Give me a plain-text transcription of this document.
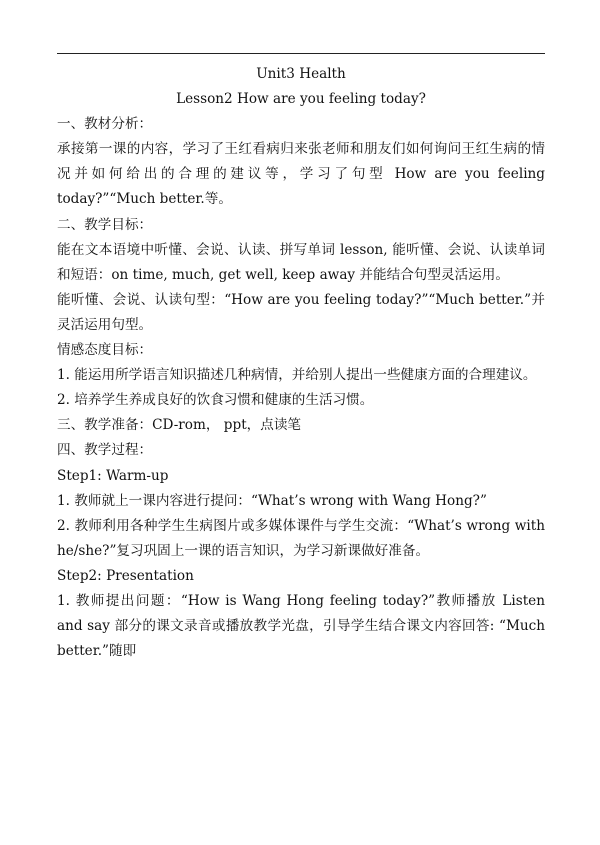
Unit3 Health

Lesson2 How are you feeling today?

一、教材分析：

承接第一课的内容，学习了王红看病归来张老师和朋友们如何询问王红生病的情况并如何给出的合理的建议等，学习了句型 How are you feeling today?”“Much better.等。

二、教学目标：

能在文本语境中听懂、会说、认读、拼写单词 lesson, 能听懂、会说、认读单词和短语：on time, much, get well, keep away 并能结合句型灵活运用。

能听懂、会说、认读句型：“How are you feeling today?”“Much better.”并灵活运用句型。

情感态度目标：

1. 能运用所学语言知识描述几种病情，并给别人提出一些健康方面的合理建议。

2. 培养学生养成良好的饮食习惯和健康的生活习惯。

三、教学准备：CD-rom， ppt，点读笔

四、教学过程：

Step1: Warm-up

1. 教师就上一课内容进行提问：“What’s wrong with Wang Hong?”

2. 教师利用各种学生生病图片或多媒体课件与学生交流：“What’s wrong with he/she?”复习巩固上一课的语言知识，为学习新课做好准备。

Step2: Presentation

1. 教师提出问题：“How is Wang Hong feeling today?”教师播放 Listen and say 部分的课文录音或播放教学光盘，引导学生结合课文内容回答: “Much better.”随即
